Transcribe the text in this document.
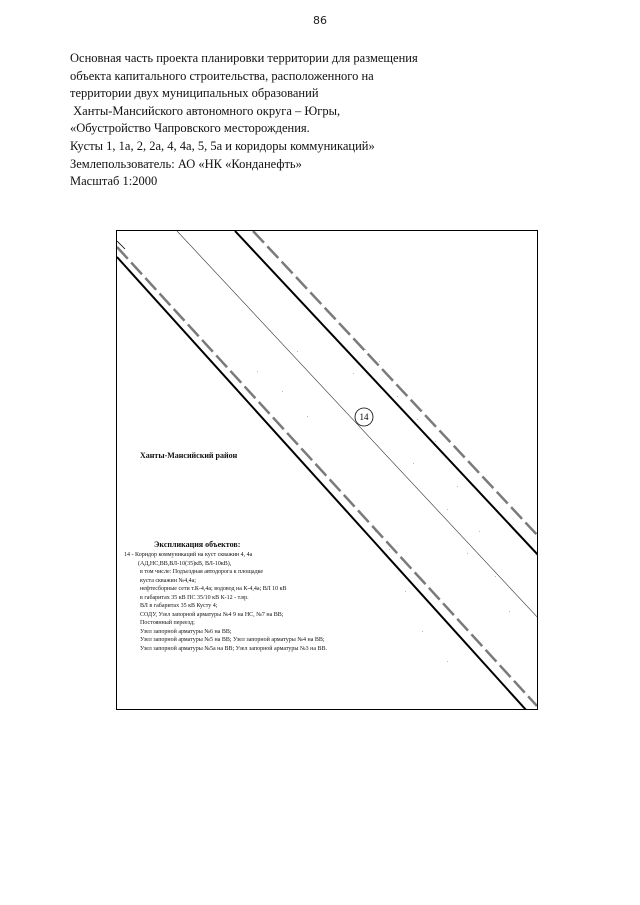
86
Основная часть проекта планировки территории для размещения
объекта капитального строительства, расположенного на
территории двух муниципальных образований
Ханты-Мансийского автономного округа – Югры,
«Обустройство Чапровского месторождения.
Кусты 1, 1а, 2, 2а, 4, 4а, 5, 5а и коридоры коммуникаций»
Землепользователь: АО «НК «Конданефть»
Масштаб 1:2000
14
Ханты-Мансийский район
Экспликация объектов:
14 - Коридор коммуникаций на куст скважин 4, 4а
(АД,НС,ВВ,ВЛ-10(35)кВ, ВЛ-10кВ),
в том числе: Подъездная автодорога к площадке
куста скважин №4,4а;
нефтесборные сети т.К-4,4а; водовод на К-4,4а; ВЛ 10 кВ
в габаритах 35 кВ ПС 35/10 кВ К-12 - т.вр.
ВЛ в габаритах 35 кВ Кусту 4;
СОДУ, Узел запорной арматуры №4 9 на НС, №7 на ВВ;
Постоянный переезд;
Узел запорной арматуры №6 на ВВ;
Узел запорной арматуры №5 на ВВ; Узел запорной арматуры №4 на ВВ;
Узел запорной арматуры №5а на ВВ; Узел запорной арматуры №3 на ВВ.
